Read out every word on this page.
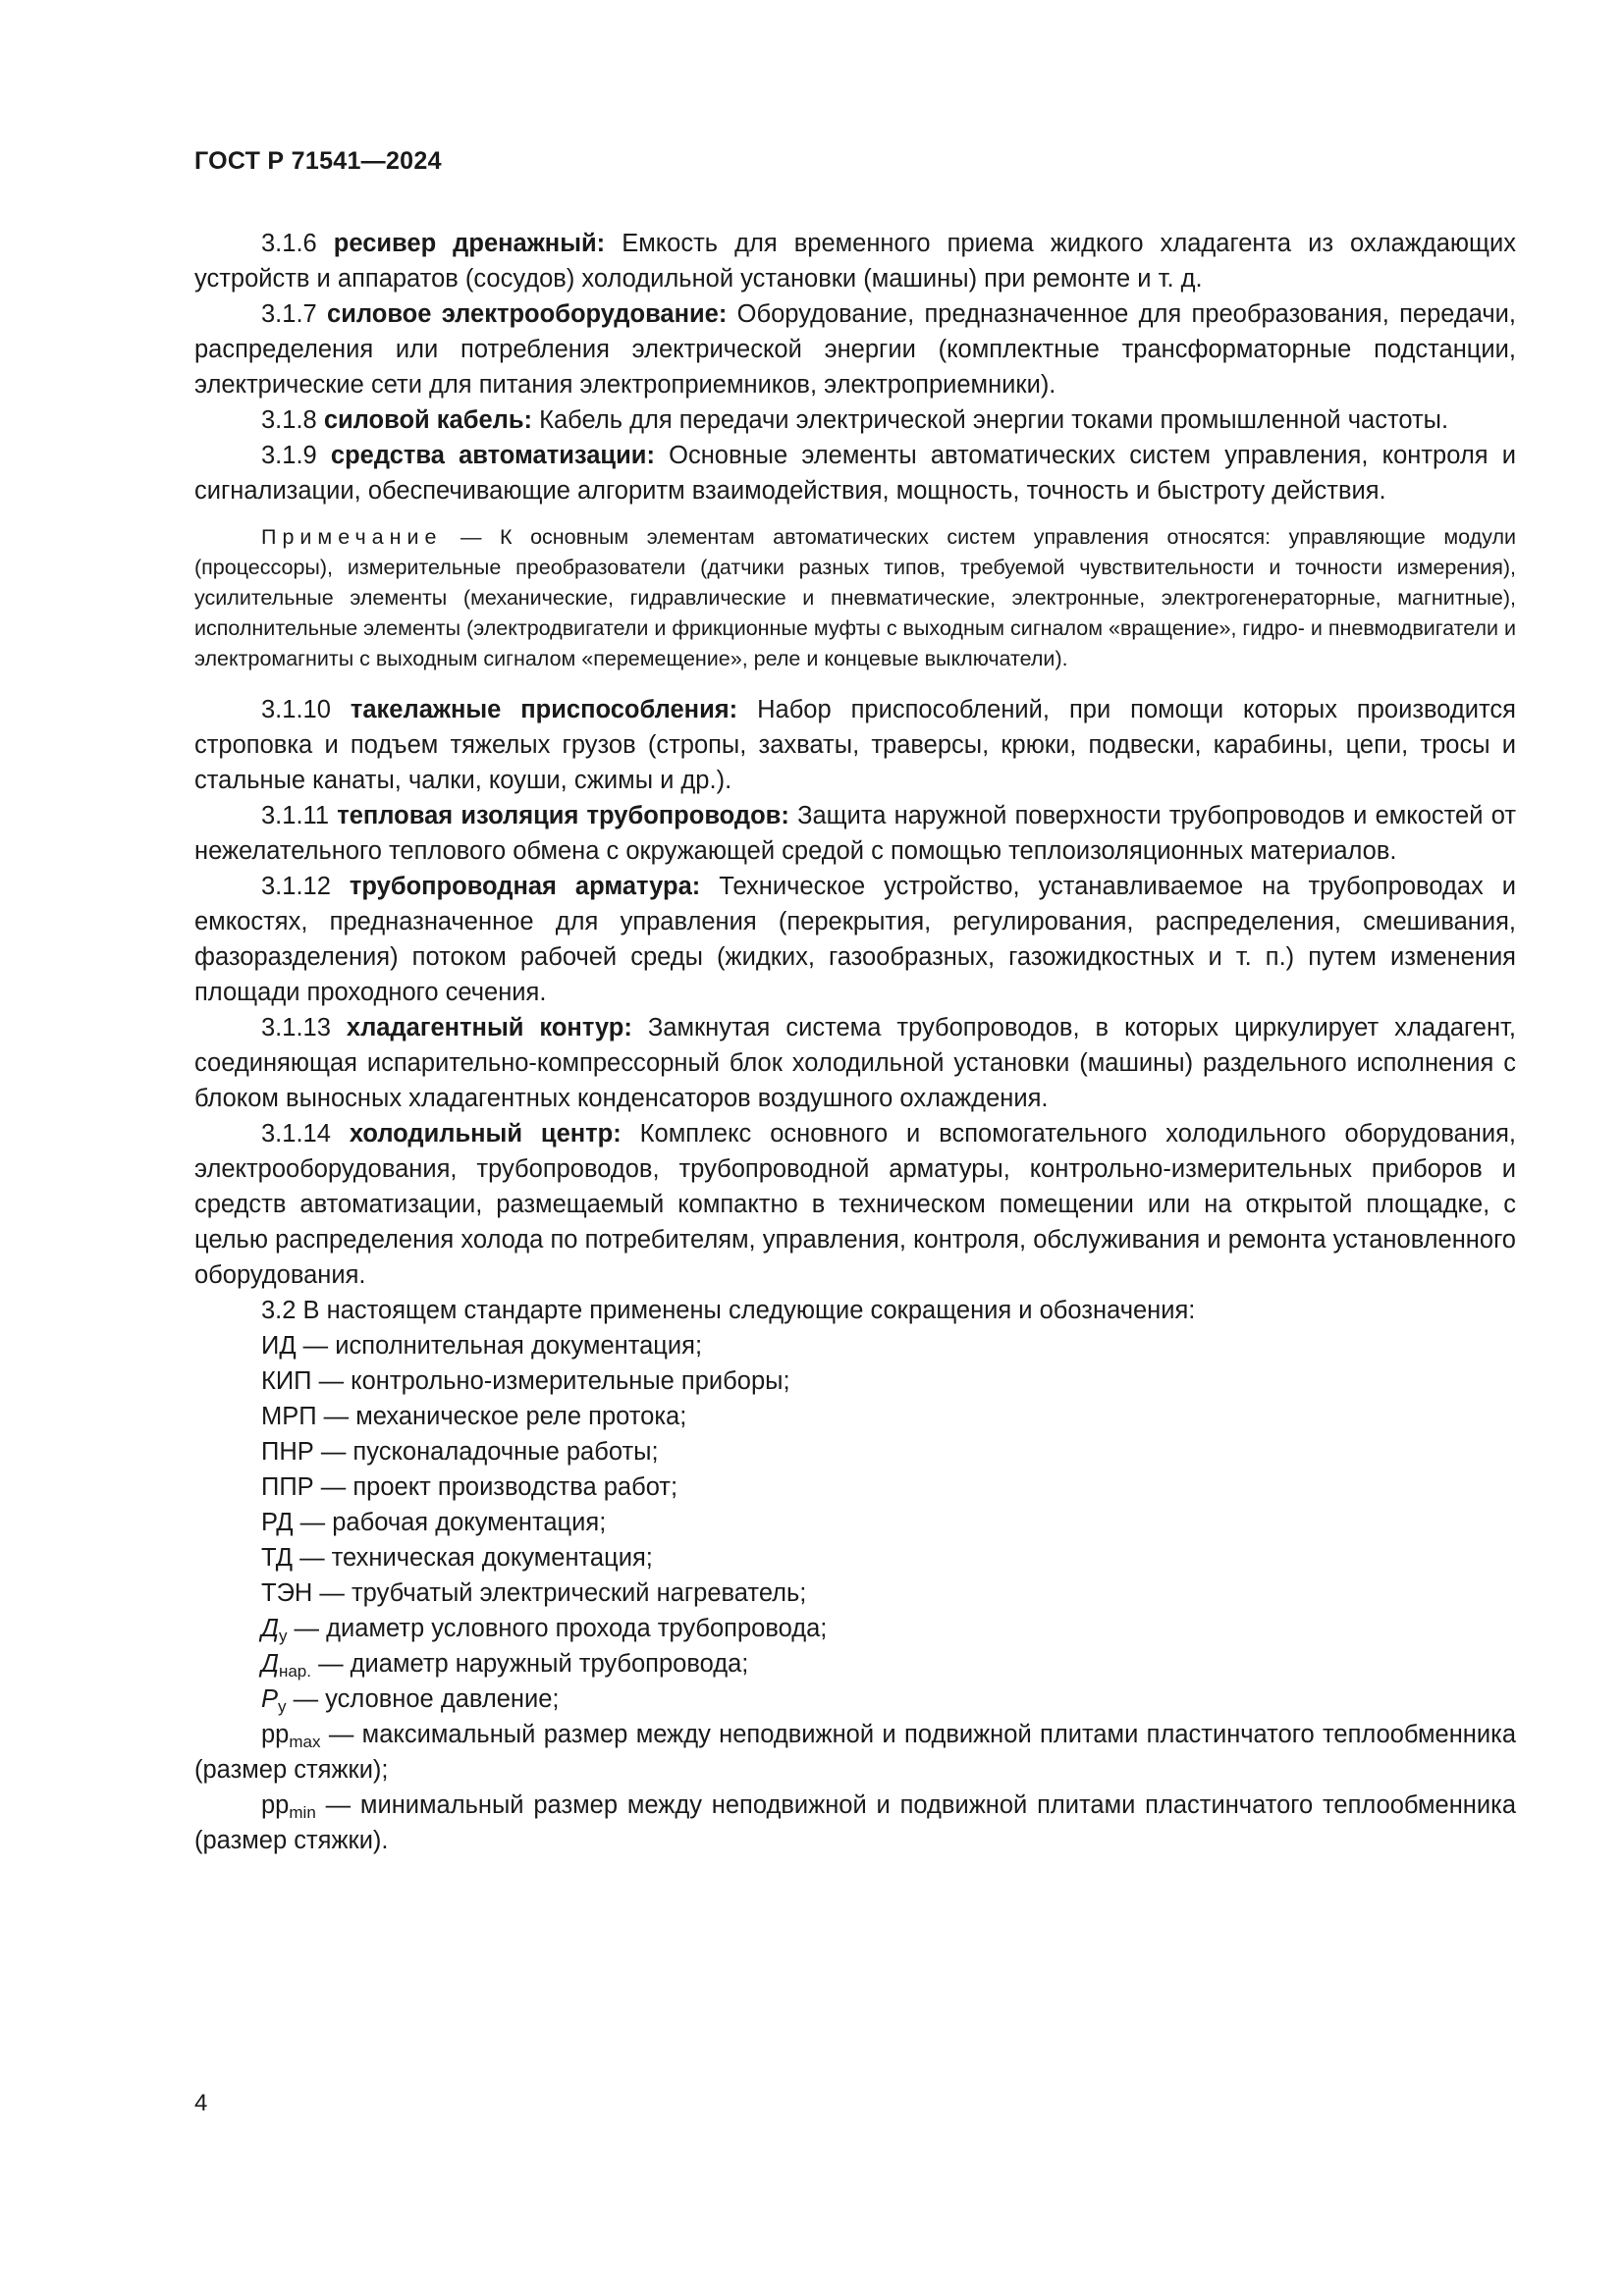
ГОСТ Р 71541—2024

3.1.6 ресивер дренажный: Емкость для временного приема жидкого хладагента из охлаждающих устройств и аппаратов (сосудов) холодильной установки (машины) при ремонте и т. д.

3.1.7 силовое электрооборудование: Оборудование, предназначенное для преобразования, передачи, распределения или потребления электрической энергии (комплектные трансформаторные подстанции, электрические сети для питания электроприемников, электроприемники).

3.1.8 силовой кабель: Кабель для передачи электрической энергии токами промышленной частоты.

3.1.9 средства автоматизации: Основные элементы автоматических систем управления, контроля и сигнализации, обеспечивающие алгоритм взаимодействия, мощность, точность и быстроту действия.

Примечание — К основным элементам автоматических систем управления относятся: управляющие модули (процессоры), измерительные преобразователи (датчики разных типов, требуемой чувствительности и точности измерения), усилительные элементы (механические, гидравлические и пневматические, электронные, электрогенераторные, магнитные), исполнительные элементы (электродвигатели и фрикционные муфты с выходным сигналом «вращение», гидро- и пневмодвигатели и электромагниты с выходным сигналом «перемещение», реле и концевые выключатели).

3.1.10 такелажные приспособления: Набор приспособлений, при помощи которых производится строповка и подъем тяжелых грузов (стропы, захваты, траверсы, крюки, подвески, карабины, цепи, тросы и стальные канаты, чалки, коуши, сжимы и др.).

3.1.11 тепловая изоляция трубопроводов: Защита наружной поверхности трубопроводов и емкостей от нежелательного теплового обмена с окружающей средой с помощью теплоизоляционных материалов.

3.1.12 трубопроводная арматура: Техническое устройство, устанавливаемое на трубопроводах и емкостях, предназначенное для управления (перекрытия, регулирования, распределения, смешивания, фазоразделения) потоком рабочей среды (жидких, газообразных, газожидкостных и т. п.) путем изменения площади проходного сечения.

3.1.13 хладагентный контур: Замкнутая система трубопроводов, в которых циркулирует хладагент, соединяющая испарительно-компрессорный блок холодильной установки (машины) раздельного исполнения с блоком выносных хладагентных конденсаторов воздушного охлаждения.

3.1.14 холодильный центр: Комплекс основного и вспомогательного холодильного оборудования, электрооборудования, трубопроводов, трубопроводной арматуры, контрольно-измерительных приборов и средств автоматизации, размещаемый компактно в техническом помещении или на открытой площадке, с целью распределения холода по потребителям, управления, контроля, обслуживания и ремонта установленного оборудования.

3.2 В настоящем стандарте применены следующие сокращения и обозначения:

ИД — исполнительная документация;

КИП — контрольно-измерительные приборы;

МРП — механическое реле протока;

ПНР — пусконаладочные работы;

ППР — проект производства работ;

РД — рабочая документация;

ТД — техническая документация;

ТЭН — трубчатый электрический нагреватель;

$Д_у$ — диаметр условного прохода трубопровода;

$Д_{нар.}$ — диаметр наружный трубопровода;

$Р_у$ — условное давление;

$pp_{max}$ — максимальный размер между неподвижной и подвижной плитами пластинчатого теплообменника (размер стяжки);

$pp_{min}$ — минимальный размер между неподвижной и подвижной плитами пластинчатого теплообменника (размер стяжки).

4
